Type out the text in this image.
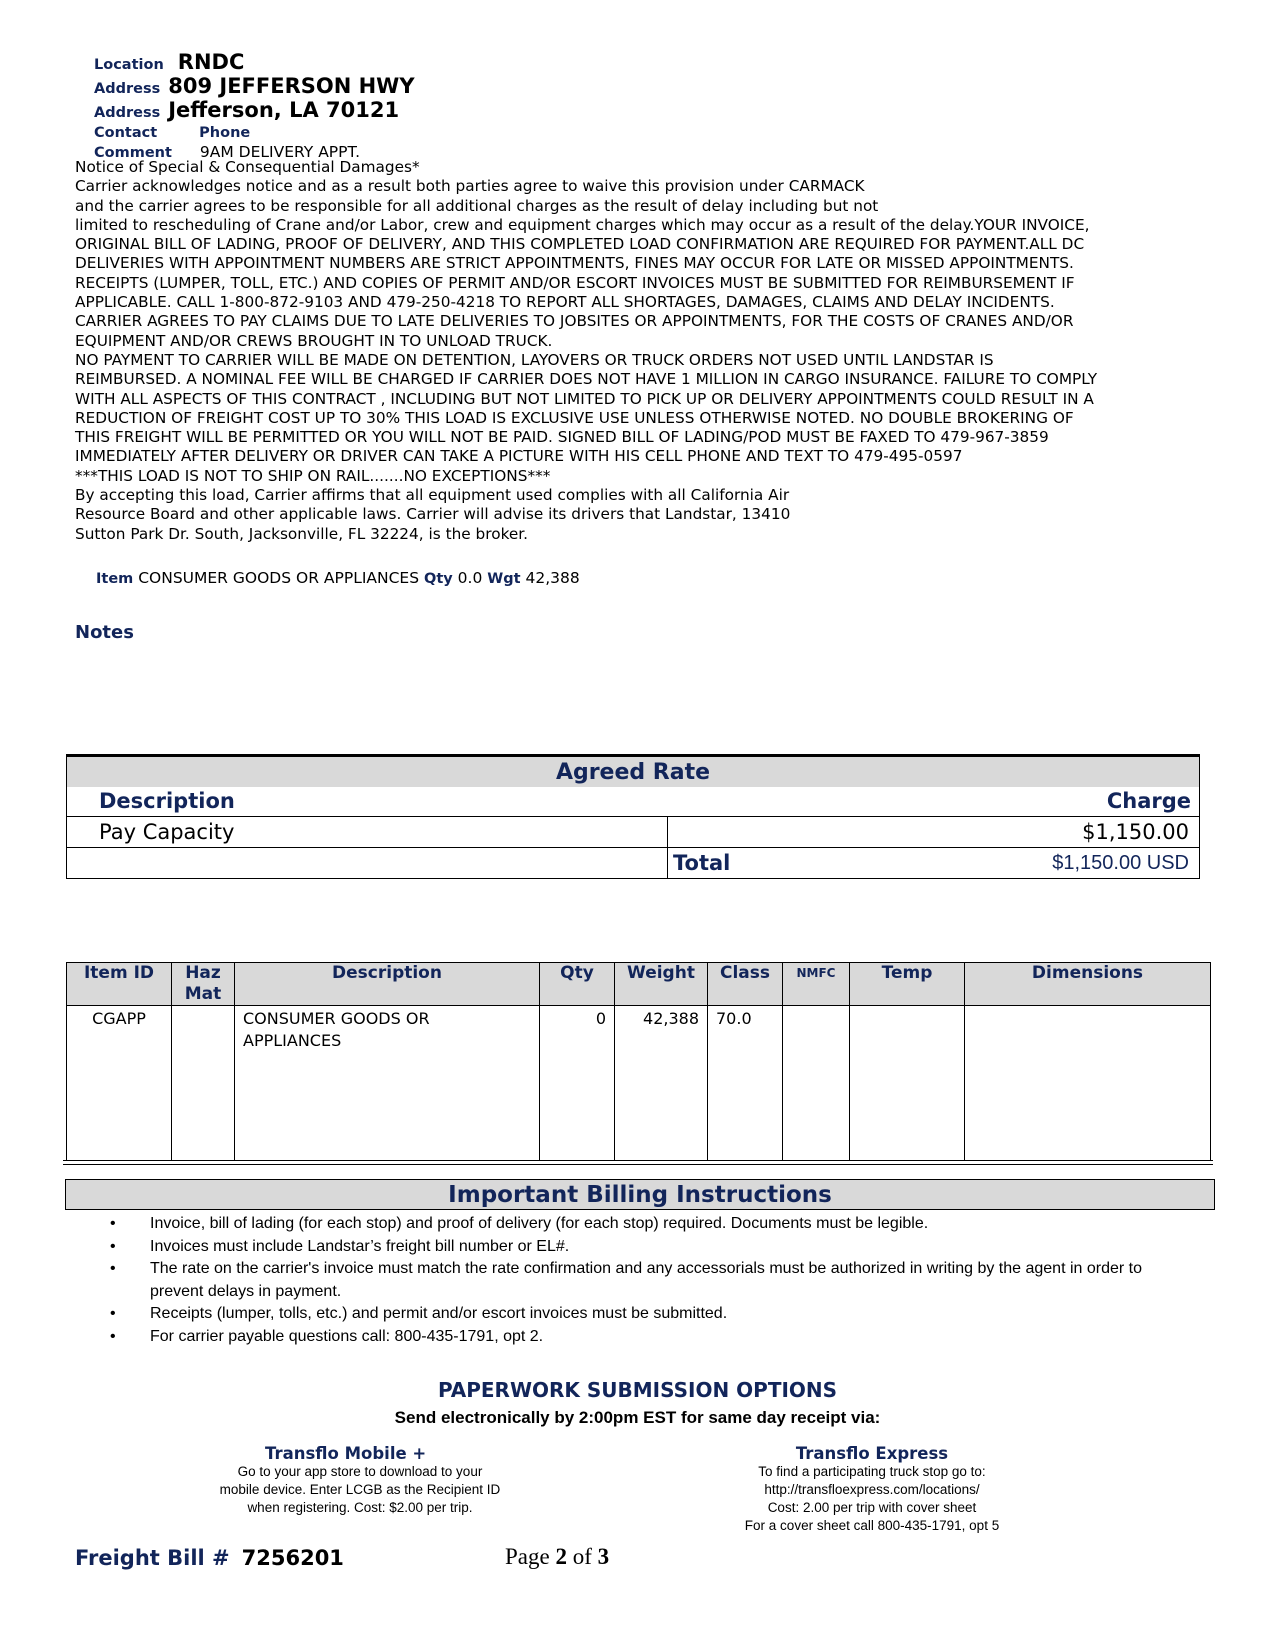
Location RNDC
Address 809 JEFFERSON HWY
Address Jefferson, LA 70121
Contact	Phone
Comment 9AM DELIVERY APPT.
Notice of Special & Consequential Damages*
Carrier acknowledges notice and as a result both parties agree to waive this provision under CARMACK
and the carrier agrees to be responsible for all additional charges as the result of delay including but not
limited to rescheduling of Crane and/or Labor, crew and equipment charges which may occur as a result of the delay.YOUR INVOICE,
ORIGINAL BILL OF LADING, PROOF OF DELIVERY, AND THIS COMPLETED LOAD CONFIRMATION ARE REQUIRED FOR PAYMENT.ALL DC
DELIVERIES WITH APPOINTMENT NUMBERS ARE STRICT APPOINTMENTS, FINES MAY OCCUR FOR LATE OR MISSED APPOINTMENTS.
RECEIPTS (LUMPER, TOLL, ETC.) AND COPIES OF PERMIT AND/OR ESCORT INVOICES MUST BE SUBMITTED FOR REIMBURSEMENT IF
APPLICABLE. CALL 1-800-872-9103 AND 479-250-4218 TO REPORT ALL SHORTAGES, DAMAGES, CLAIMS AND DELAY INCIDENTS.
CARRIER AGREES TO PAY CLAIMS DUE TO LATE DELIVERIES TO JOBSITES OR APPOINTMENTS, FOR THE COSTS OF CRANES AND/OR
EQUIPMENT AND/OR CREWS BROUGHT IN TO UNLOAD TRUCK.
NO PAYMENT TO CARRIER WILL BE MADE ON DETENTION, LAYOVERS OR TRUCK ORDERS NOT USED UNTIL LANDSTAR IS
REIMBURSED. A NOMINAL FEE WILL BE CHARGED IF CARRIER DOES NOT HAVE 1 MILLION IN CARGO INSURANCE. FAILURE TO COMPLY
WITH ALL ASPECTS OF THIS CONTRACT , INCLUDING BUT NOT LIMITED TO PICK UP OR DELIVERY APPOINTMENTS COULD RESULT IN A
REDUCTION OF FREIGHT COST UP TO 30% THIS LOAD IS EXCLUSIVE USE UNLESS OTHERWISE NOTED. NO DOUBLE BROKERING OF
THIS FREIGHT WILL BE PERMITTED OR YOU WILL NOT BE PAID. SIGNED BILL OF LADING/POD MUST BE FAXED TO 479-967-3859
IMMEDIATELY AFTER DELIVERY OR DRIVER CAN TAKE A PICTURE WITH HIS CELL PHONE AND TEXT TO 479-495-0597
***THIS LOAD IS NOT TO SHIP ON RAIL.......NO EXCEPTIONS***
By accepting this load, Carrier affirms that all equipment used complies with all California Air
Resource Board and other applicable laws. Carrier will advise its drivers that Landstar, 13410
Sutton Park Dr. South, Jacksonville, FL 32224, is the broker.
Item CONSUMER GOODS OR APPLIANCES Qty 0.0 Wgt 42,388
Notes
Agreed Rate
Description	Charge
Pay Capacity	$1,150.00
Total	$1,150.00 USD
Item ID	Haz Mat	Description	Qty	Weight	Class	NMFC	Temp	Dimensions
CGAPP		CONSUMER GOODS OR APPLIANCES	0	42,388	70.0			
Important Billing Instructions
• Invoice, bill of lading (for each stop) and proof of delivery (for each stop) required. Documents must be legible.
• Invoices must include Landstar’s freight bill number or EL#.
• The rate on the carrier's invoice must match the rate confirmation and any accessorials must be authorized in writing by the agent in order to prevent delays in payment.
• Receipts (lumper, tolls, etc.) and permit and/or escort invoices must be submitted.
• For carrier payable questions call: 800-435-1791, opt 2.
PAPERWORK SUBMISSION OPTIONS
Send electronically by 2:00pm EST for same day receipt via:
Transflo Mobile +
Go to your app store to download to your
mobile device. Enter LCGB as the Recipient ID
when registering. Cost: $2.00 per trip.
Transflo Express
To find a participating truck stop go to:
http://transfloexpress.com/locations/
Cost: 2.00 per trip with cover sheet
For a cover sheet call 800-435-1791, opt 5
Freight Bill # 7256201	Page 2 of 3
